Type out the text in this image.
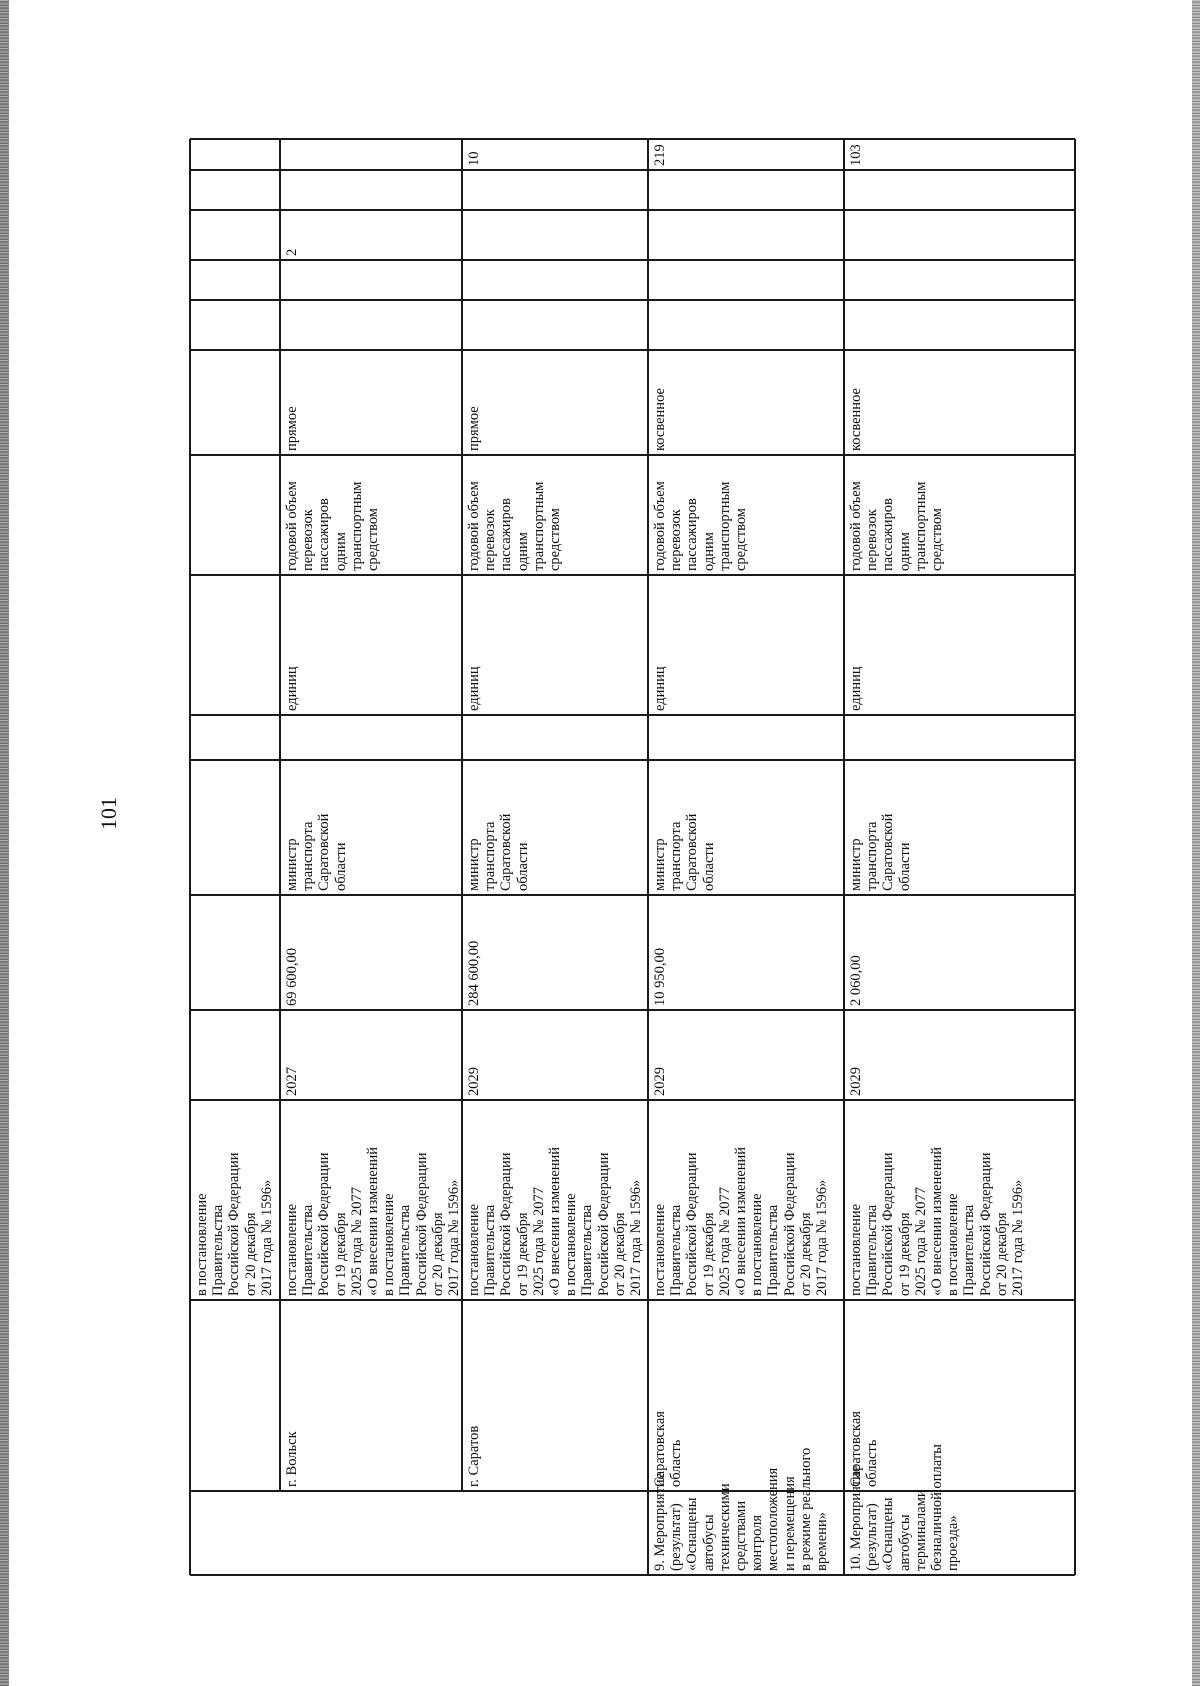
101
в постановление
Правительства
Российской Федерации
от 20 декабря
2017 года № 1596»
г. Вольск
постановление
Правительства
Российской Федерации
от 19 декабря
2025 года № 2077
«О внесении изменений
в постановление
Правительства
Российской Федерации
от 20 декабря
2017 года № 1596»
2027
69 600,00
министр
транспорта
Саратовской
области
единиц
годовой объем
перевозок
пассажиров
одним
транспортным
средством
прямое
2
г. Саратов
постановление
Правительства
Российской Федерации
от 19 декабря
2025 года № 2077
«О внесении изменений
в постановление
Правительства
Российской Федерации
от 20 декабря
2017 года № 1596»
2029
284 600,00
министр
транспорта
Саратовской
области
единиц
годовой объем
перевозок
пассажиров
одним
транспортным
средством
прямое
10
9. Мероприятие
(результат)
«Оснащены
автобусы
техническими
средствами
контроля
местоположения
и перемещения
в режиме реального
времени»
Саратовская
область
постановление
Правительства
Российской Федерации
от 19 декабря
2025 года № 2077
«О внесении изменений
в постановление
Правительства
Российской Федерации
от 20 декабря
2017 года № 1596»
2029
10 950,00
министр
транспорта
Саратовской
области
единиц
годовой объем
перевозок
пассажиров
одним
транспортным
средством
косвенное
219
10. Мероприятие
(результат)
«Оснащены
автобусы
терминалами
безналичной оплаты
проезда»
Саратовская
область
постановление
Правительства
Российской Федерации
от 19 декабря
2025 года № 2077
«О внесении изменений
в постановление
Правительства
Российской Федерации
от 20 декабря
2017 года № 1596»
2029
2 060,00
министр
транспорта
Саратовской
области
единиц
годовой объем
перевозок
пассажиров
одним
транспортным
средством
косвенное
103
